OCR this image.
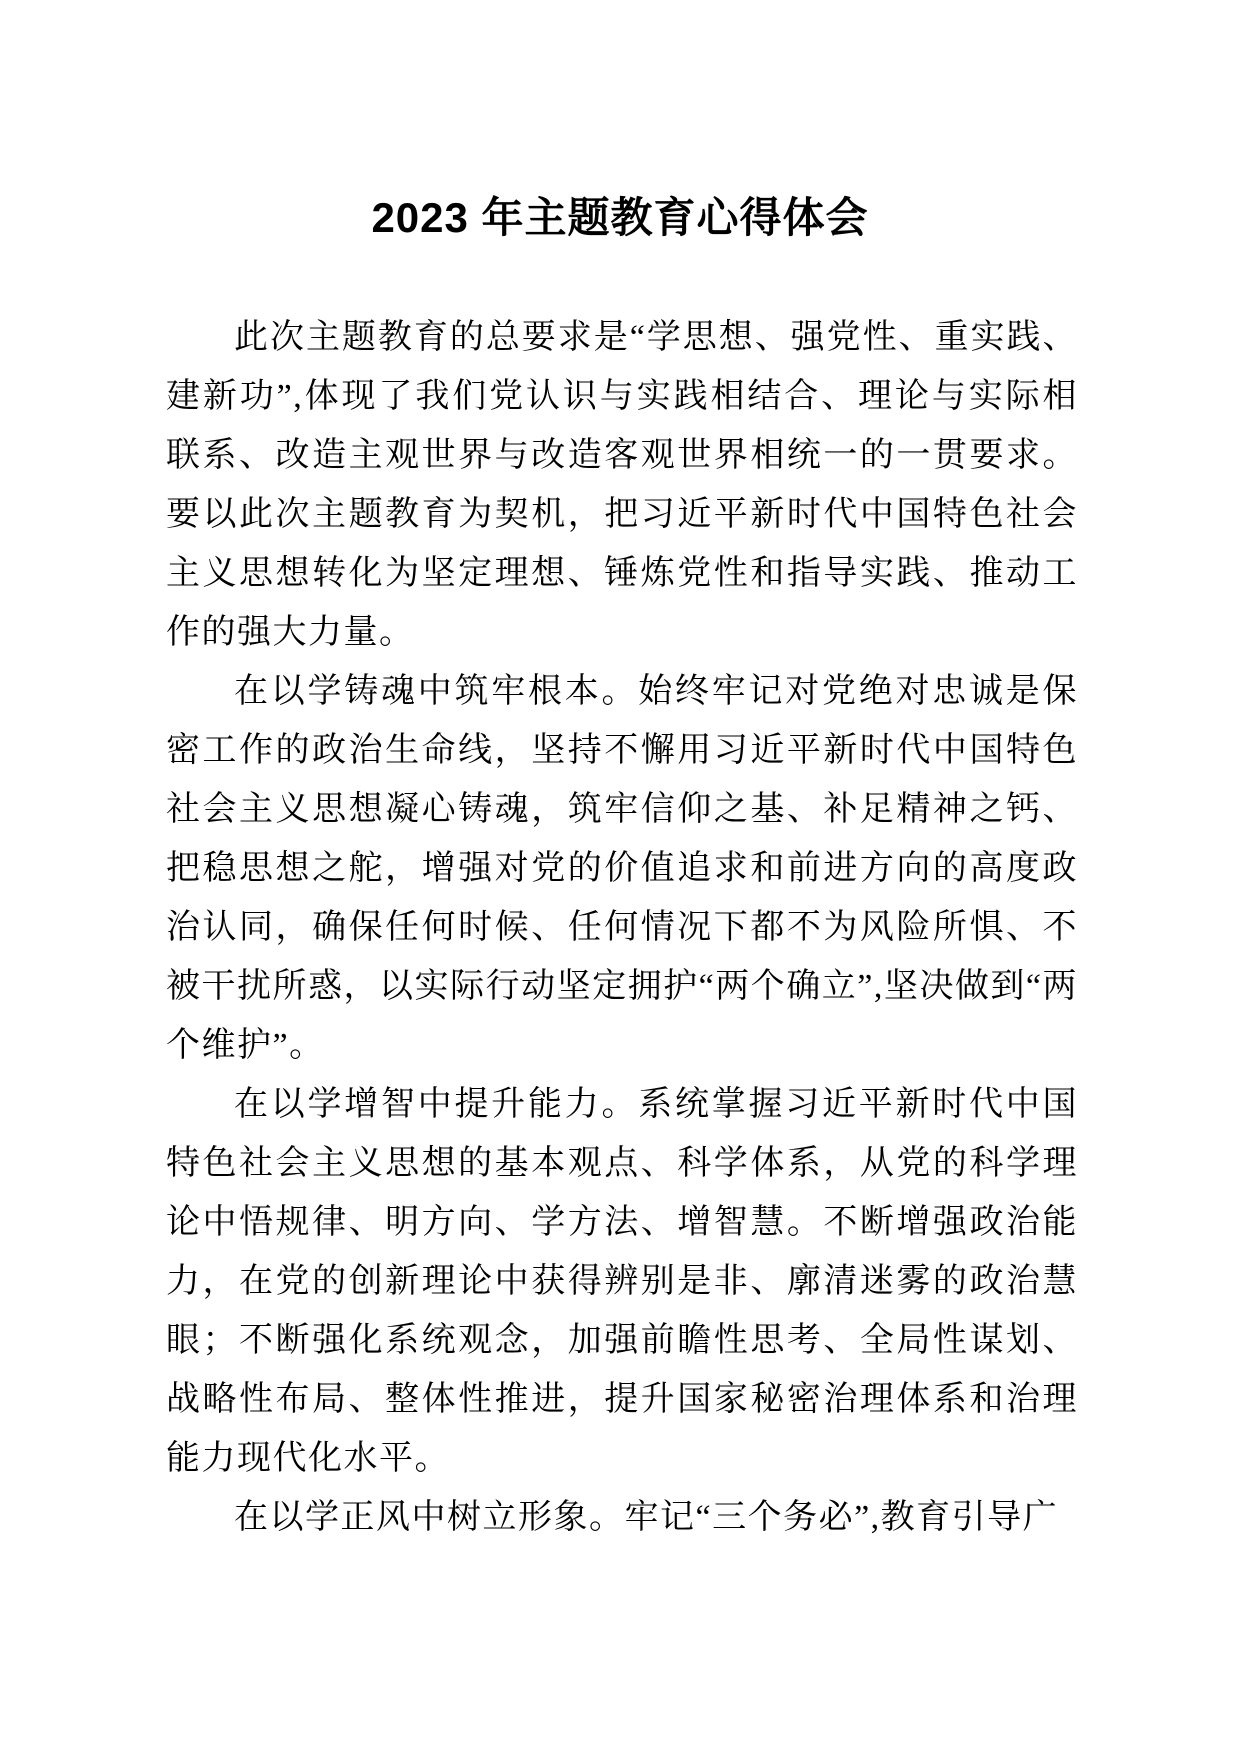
2023 年主题教育心得体会

此次主题教育的总要求是“学思想、强党性、重实践、建新功”,体现了我们党认识与实践相结合、理论与实际相联系、改造主观世界与改造客观世界相统一的一贯要求。要以此次主题教育为契机，把习近平新时代中国特色社会主义思想转化为坚定理想、锤炼党性和指导实践、推动工作的强大力量。

在以学铸魂中筑牢根本。始终牢记对党绝对忠诚是保密工作的政治生命线，坚持不懈用习近平新时代中国特色社会主义思想凝心铸魂，筑牢信仰之基、补足精神之钙、把稳思想之舵，增强对党的价值追求和前进方向的高度政治认同，确保任何时候、任何情况下都不为风险所惧、不被干扰所惑，以实际行动坚定拥护“两个确立”,坚决做到“两个维护”。

在以学增智中提升能力。系统掌握习近平新时代中国特色社会主义思想的基本观点、科学体系，从党的科学理论中悟规律、明方向、学方法、增智慧。不断增强政治能力，在党的创新理论中获得辨别是非、廓清迷雾的政治慧眼；不断强化系统观念，加强前瞻性思考、全局性谋划、战略性布局、整体性推进，提升国家秘密治理体系和治理能力现代化水平。

在以学正风中树立形象。牢记“三个务必”,教育引导广
